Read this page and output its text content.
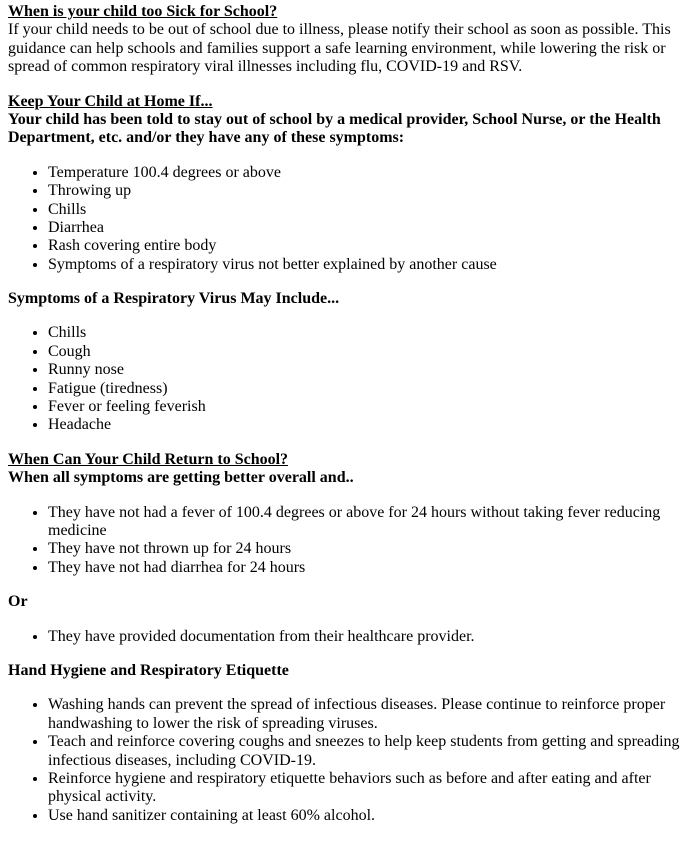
When is your child too Sick for School?
If your child needs to be out of school due to illness, please notify their school as soon as possible. This guidance can help schools and families support a safe learning environment, while lowering the risk or spread of common respiratory viral illnesses including flu, COVID-19 and RSV.

Keep Your Child at Home If...
Your child has been told to stay out of school by a medical provider, School Nurse, or the Health Department, etc. and/or they have any of these symptoms:

• Temperature 100.4 degrees or above
• Throwing up
• Chills
• Diarrhea
• Rash covering entire body
• Symptoms of a respiratory virus not better explained by another cause

Symptoms of a Respiratory Virus May Include...

• Chills
• Cough
• Runny nose
• Fatigue (tiredness)
• Fever or feeling feverish
• Headache

When Can Your Child Return to School?
When all symptoms are getting better overall and..

• They have not had a fever of 100.4 degrees or above for 24 hours without taking fever reducing medicine
• They have not thrown up for 24 hours
• They have not had diarrhea for 24 hours

Or

• They have provided documentation from their healthcare provider.

Hand Hygiene and Respiratory Etiquette

• Washing hands can prevent the spread of infectious diseases. Please continue to reinforce proper handwashing to lower the risk of spreading viruses.
• Teach and reinforce covering coughs and sneezes to help keep students from getting and spreading infectious diseases, including COVID-19.
• Reinforce hygiene and respiratory etiquette behaviors such as before and after eating and after physical activity.
• Use hand sanitizer containing at least 60% alcohol.
